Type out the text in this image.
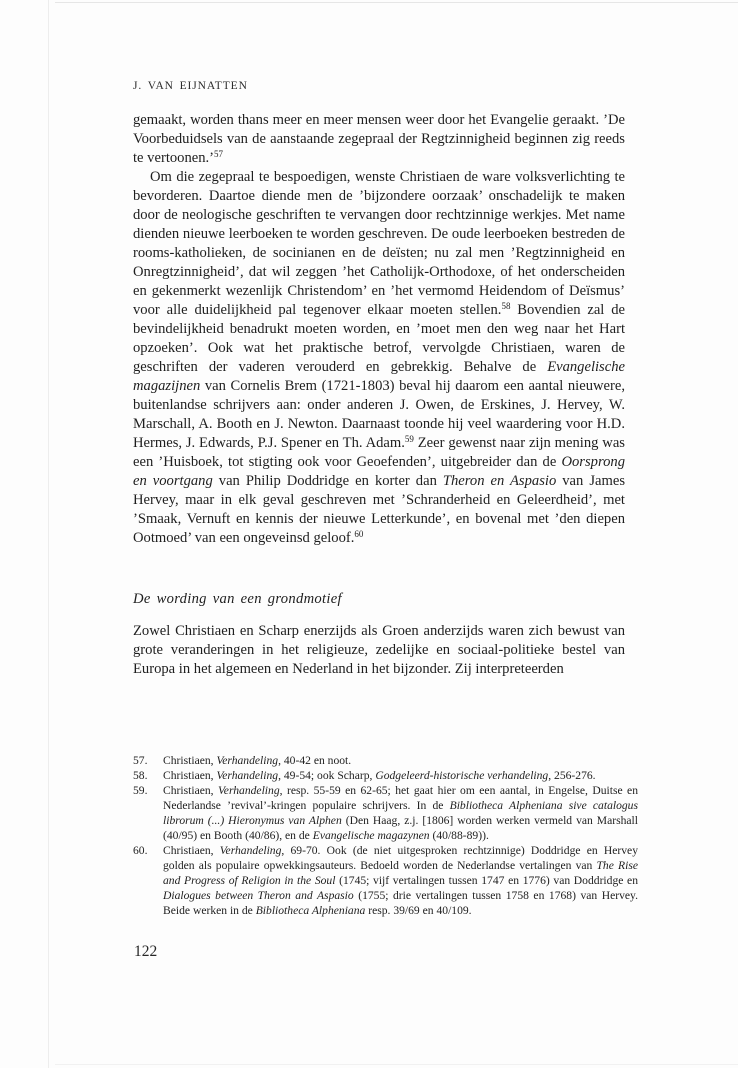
J. VAN EIJNATTEN

gemaakt, worden thans meer en meer mensen weer door het Evangelie geraakt. ’De Voorbeduidsels van de aanstaande zegepraal der Regtzinnigheid beginnen zig reeds te vertoonen.’$^{57}$

Om die zegepraal te bespoedigen, wenste Christiaen de ware volksverlichting te bevorderen. Daartoe diende men de ’bijzondere oorzaak’ onschadelijk te maken door de neologische geschriften te vervangen door rechtzinnige werkjes. Met name dienden nieuwe leerboeken te worden geschreven. De oude leerboeken bestreden de rooms-katholieken, de socinianen en de deïsten; nu zal men ’Regtzinnigheid en Onregtzinnigheid’, dat wil zeggen ’het Catholijk-Orthodoxe, of het onderscheiden en gekenmerkt wezenlijk Christendom’ en ’het vermomd Heidendom of Deïsmus’ voor alle duidelijkheid pal tegenover elkaar moeten stellen.$^{58}$ Bovendien zal de bevindelijkheid benadrukt moeten worden, en ’moet men den weg naar het Hart opzoeken’. Ook wat het praktische betrof, vervolgde Christiaen, waren de geschriften der vaderen verouderd en gebrekkig. Behalve de Evangelische magazijnen van Cornelis Brem (1721-1803) beval hij daarom een aantal nieuwere, buitenlandse schrijvers aan: onder anderen J. Owen, de Erskines, J. Hervey, W. Marschall, A. Booth en J. Newton. Daarnaast toonde hij veel waardering voor H.D. Hermes, J. Edwards, P.J. Spener en Th. Adam.$^{59}$ Zeer gewenst naar zijn mening was een ’Huisboek, tot stigting ook voor Geoefenden’, uitgebreider dan de Oorsprong en voortgang van Philip Doddridge en korter dan Theron en Aspasio van James Hervey, maar in elk geval geschreven met ’Schranderheid en Geleerdheid’, met ’Smaak, Vernuft en kennis der nieuwe Letterkunde’, en bovenal met ’den diepen Ootmoed’ van een ongeveinsd geloof.$^{60}$

De wording van een grondmotief

Zowel Christiaen en Scharp enerzijds als Groen anderzijds waren zich bewust van grote veranderingen in het religieuze, zedelijke en sociaal-politieke bestel van Europa in het algemeen en Nederland in het bijzonder. Zij interpreteerden

57. Christiaen, Verhandeling, 40-42 en noot.
58. Christiaen, Verhandeling, 49-54; ook Scharp, Godgeleerd-historische verhandeling, 256-276.
59. Christiaen, Verhandeling, resp. 55-59 en 62-65; het gaat hier om een aantal, in Engelse, Duitse en Nederlandse ’revival’-kringen populaire schrijvers. In de Bibliotheca Alpheniana sive catalogus librorum (...) Hieronymus van Alphen (Den Haag, z.j. [1806] worden werken vermeld van Marshall (40/95) en Booth (40/86), en de Evangelische magazynen (40/88-89)).
60. Christiaen, Verhandeling, 69-70. Ook (de niet uitgesproken rechtzinnige) Doddridge en Hervey golden als populaire opwekkingsauteurs. Bedoeld worden de Nederlandse vertalingen van The Rise and Progress of Religion in the Soul (1745; vijf vertalingen tussen 1747 en 1776) van Doddridge en Dialogues between Theron and Aspasio (1755; drie vertalingen tussen 1758 en 1768) van Hervey. Beide werken in de Bibliotheca Alpheniana resp. 39/69 en 40/109.
122
